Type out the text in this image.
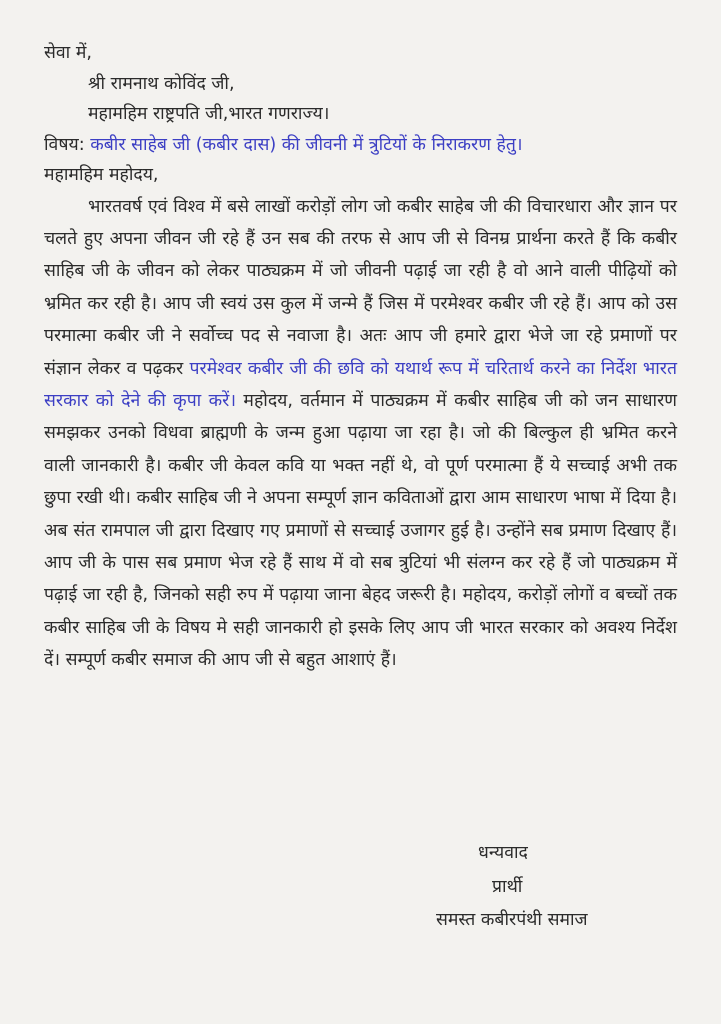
सेवा में,
श्री रामनाथ कोविंद जी,
महामहिम राष्ट्रपति जी,भारत गणराज्य।
विषय: कबीर साहेब जी (कबीर दास) की जीवनी में त्रुटियों के निराकरण हेतु।
महामहिम महोदय,

भारतवर्ष एवं विश्व में बसे लाखों करोड़ों लोग जो कबीर साहेब जी की विचारधारा और ज्ञान पर चलते हुए अपना जीवन जी रहे हैं उन सब की तरफ से आप जी से विनम्र प्रार्थना करते हैं कि कबीर साहिब जी के जीवन को लेकर पाठ्यक्रम में जो जीवनी पढ़ाई जा रही है वो आने वाली पीढ़ियों को भ्रमित कर रही है। आप जी स्वयं उस कुल में जन्मे हैं जिस में परमेश्वर कबीर जी रहे हैं। आप को उस परमात्मा कबीर जी ने सर्वोच्च पद से नवाजा है। अतः आप जी हमारे द्वारा भेजे जा रहे प्रमाणों पर संज्ञान लेकर व पढ़कर परमेश्वर कबीर जी की छवि को यथार्थ रूप में चरितार्थ करने का निर्देश भारत सरकार को देने की कृपा करें। महोदय, वर्तमान में पाठ्यक्रम में कबीर साहिब जी को जन साधारण समझकर उनको विधवा ब्राह्मणी के जन्म हुआ पढ़ाया जा रहा है। जो की बिल्कुल ही भ्रमित करने वाली जानकारी है। कबीर जी केवल कवि या भक्त नहीं थे, वो पूर्ण परमात्मा हैं ये सच्चाई अभी तक छुपा रखी थी। कबीर साहिब जी ने अपना सम्पूर्ण ज्ञान कविताओं द्वारा आम साधारण भाषा में दिया है। अब संत रामपाल जी द्वारा दिखाए गए प्रमाणों से सच्चाई उजागर हुई है। उन्होंने सब प्रमाण दिखाए हैं। आप जी के पास सब प्रमाण भेज रहे हैं साथ में वो सब त्रुटियां भी संलग्न कर रहे हैं जो पाठ्यक्रम में पढ़ाई जा रही है, जिनको सही रुप में पढ़ाया जाना बेहद जरूरी है। महोदय, करोड़ों लोगों व बच्चों तक कबीर साहिब जी के विषय मे सही जानकारी हो इसके लिए आप जी भारत सरकार को अवश्य निर्देश दें। सम्पूर्ण कबीर समाज की आप जी से बहुत आशाएं हैं।

धन्यवाद
प्रार्थी
समस्त कबीरपंथी समाज
